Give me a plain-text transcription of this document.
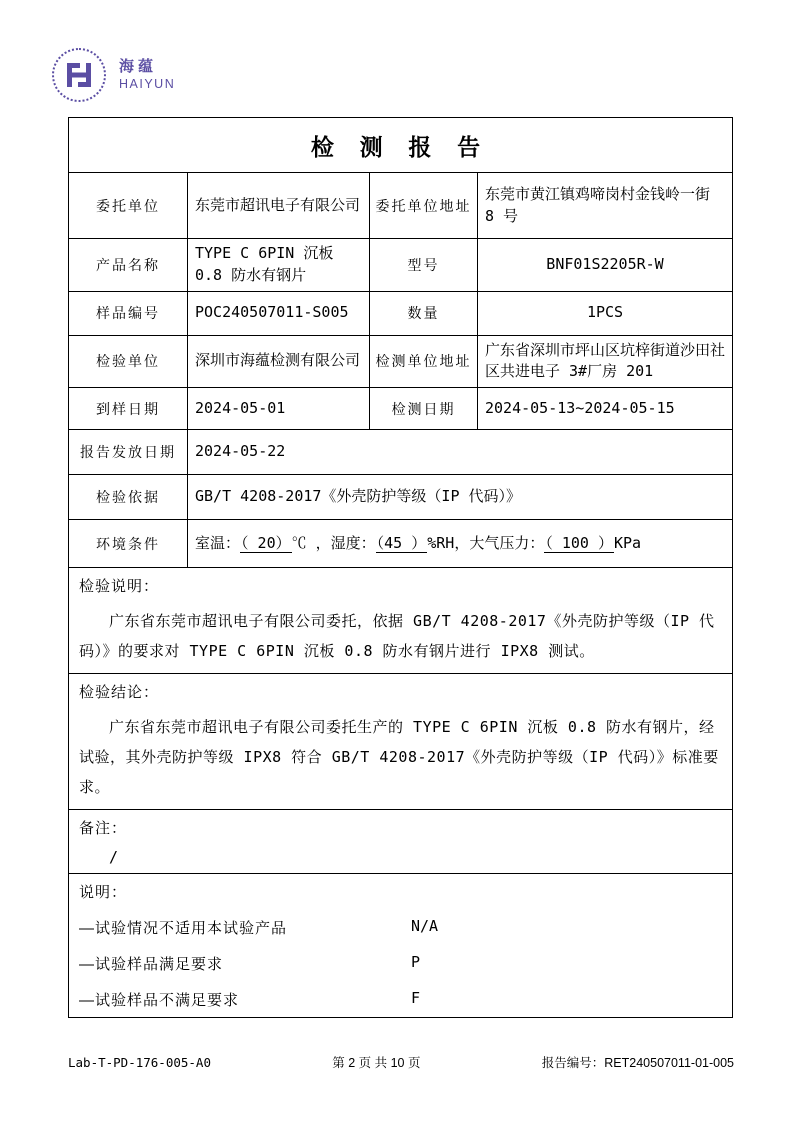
海蕴
HAIYUN
检 测 报 告			
委托单位	东莞市超讯电子有限公司	委托单位地址	东莞市黄江镇鸡啼岗村金钱岭一街 8 号
产品名称	TYPE C 6PIN 沉板 0.8 防水有钢片	型号	BNF01S2205R-W
样品编号	POC240507011-S005	数量	1PCS
检验单位	深圳市海蕴检测有限公司	检测单位地址	广东省深圳市坪山区坑梓街道沙田社区共进电子 3#厂房 201
到样日期	2024-05-01	检测日期	2024-05-13~2024-05-15
报告发放日期	2024-05-22		
检验依据	GB/T 4208-2017《外壳防护等级（IP 代码）》		
环境条件	室温：（ 20）℃ ，湿度：（45 ）%RH，大气压力：（ 100 ）KPa		

检验说明：
广东省东莞市超讯电子有限公司委托，依据 GB/T 4208-2017《外壳防护等级（IP 代码）》的要求对 TYPE C 6PIN 沉板 0.8 防水有钢片进行 IPX8 测试。			

检验结论：
广东省东莞市超讯电子有限公司委托生产的 TYPE C 6PIN 沉板 0.8 防水有钢片，经试验，其外壳防护等级 IPX8 符合 GB/T 4208-2017《外壳防护等级（IP 代码）》标准要求。			

备注：
/			

说明：
—试验情况不适用本试验产品	N/A
—试验样品满足要求	P
—试验样品不满足要求	F
Lab-T-PD-176-005-A0	第 2 页 共 10 页	报告编号：RET240507011-01-005
